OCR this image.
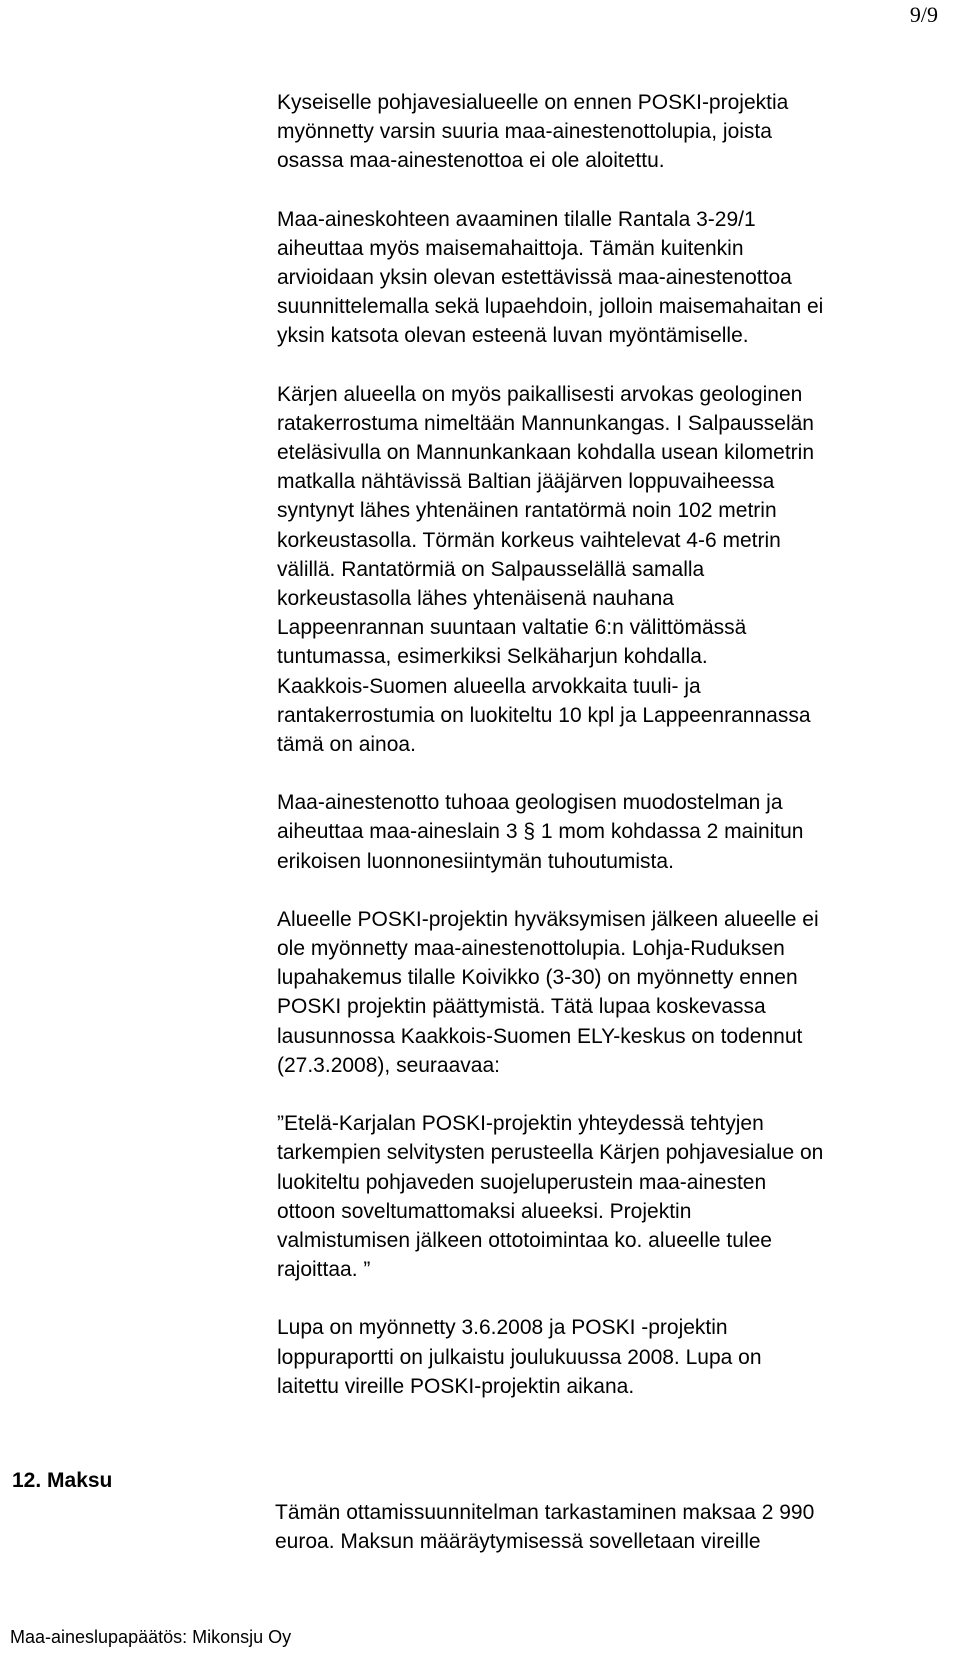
9/9

Kyseiselle pohjavesialueelle on ennen POSKI-projektia
myönnetty varsin suuria maa-ainestenottolupia, joista
osassa maa-ainestenottoa ei ole aloitettu.

Maa-aineskohteen avaaminen tilalle Rantala 3-29/1
aiheuttaa myös maisemahaittoja. Tämän kuitenkin
arvioidaan yksin olevan estettävissä maa-ainestenottoa
suunnittelemalla sekä lupaehdoin, jolloin maisemahaitan ei
yksin katsota olevan esteenä luvan myöntämiselle.

Kärjen alueella on myös paikallisesti arvokas geologinen
ratakerrostuma nimeltään Mannunkangas. I Salpausselän
eteläsivulla on Mannunkankaan kohdalla usean kilometrin
matkalla nähtävissä Baltian jääjärven loppuvaiheessa
syntynyt lähes yhtenäinen rantatörmä noin 102 metrin
korkeustasolla. Törmän korkeus vaihtelevat 4-6 metrin
välillä. Rantatörmiä on Salpausselällä samalla
korkeustasolla lähes yhtenäisenä nauhana
Lappeenrannan suuntaan valtatie 6:n välittömässä
tuntumassa, esimerkiksi Selkäharjun kohdalla.
Kaakkois-Suomen alueella arvokkaita tuuli- ja
rantakerrostumia on luokiteltu 10 kpl ja Lappeenrannassa
tämä on ainoa.

Maa-ainestenotto tuhoaa geologisen muodostelman ja
aiheuttaa maa-aineslain 3 § 1 mom kohdassa 2 mainitun
erikoisen luonnonesiintymän tuhoutumista.

Alueelle POSKI-projektin hyväksymisen jälkeen alueelle ei
ole myönnetty maa-ainestenottolupia. Lohja-Ruduksen
lupahakemus tilalle Koivikko (3-30) on myönnetty ennen
POSKI projektin päättymistä. Tätä lupaa koskevassa
lausunnossa Kaakkois-Suomen ELY-keskus on todennut
(27.3.2008), seuraavaa:

”Etelä-Karjalan POSKI-projektin yhteydessä tehtyjen
tarkempien selvitysten perusteella Kärjen pohjavesialue on
luokiteltu pohjaveden suojeluperustein maa-ainesten
ottoon soveltumattomaksi alueeksi. Projektin
valmistumisen jälkeen ottotoimintaa ko. alueelle tulee
rajoittaa. ”

Lupa on myönnetty 3.6.2008 ja POSKI -projektin
loppuraportti on julkaistu joulukuussa 2008. Lupa on
laitettu vireille POSKI-projektin aikana.

12. Maksu

Tämän ottamissuunnitelman tarkastaminen maksaa 2 990
euroa. Maksun määräytymisessä sovelletaan vireille

Maa-aineslupapäätös: Mikonsju Oy
